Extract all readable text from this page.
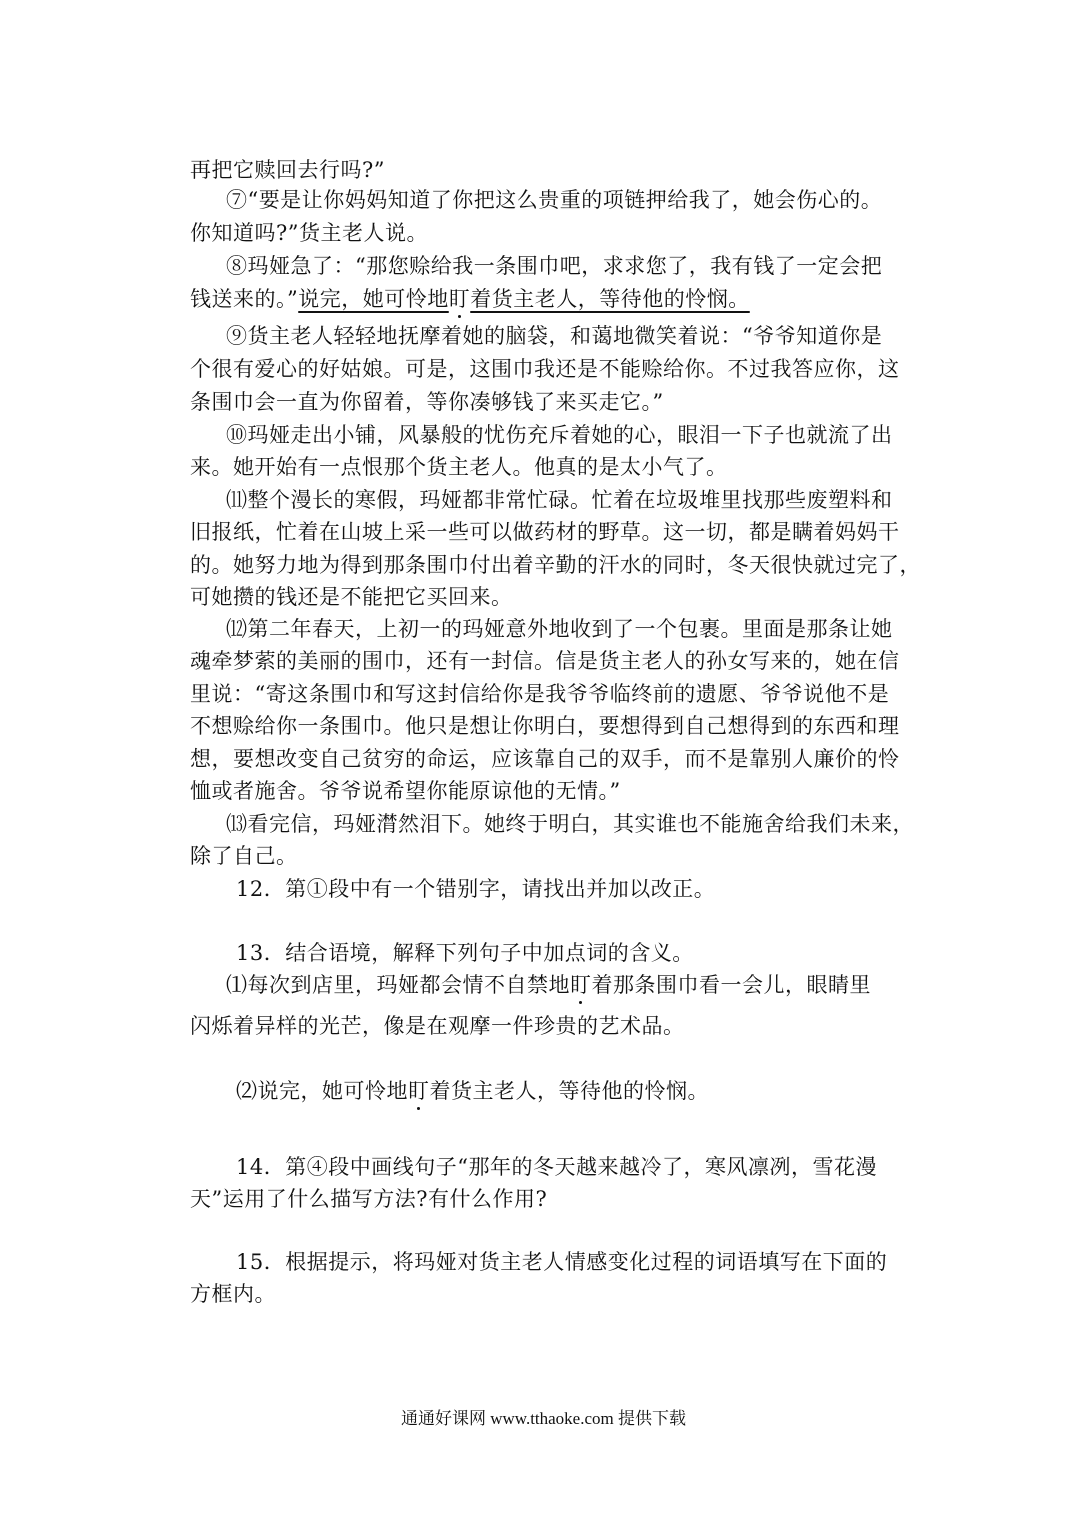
再把它赎回去行吗?”
⑦“要是让你妈妈知道了你把这么贵重的项链押给我了，她会伤心的。
你知道吗?”货主老人说。
⑧玛娅急了：“那您赊给我一条围巾吧，求求您了，我有钱了一定会把
钱送来的。”说完，她可怜地盯着货主老人，等待他的怜悯。
⑨货主老人轻轻地抚摩着她的脑袋，和蔼地微笑着说：“爷爷知道你是
个很有爱心的好姑娘。可是，这围巾我还是不能赊给你。不过我答应你，这
条围巾会一直为你留着，等你凑够钱了来买走它。”
⑩玛娅走出小铺，风暴般的忧伤充斥着她的心，眼泪一下子也就流了出
来。她开始有一点恨那个货主老人。他真的是太小气了。
⑾整个漫长的寒假，玛娅都非常忙碌。忙着在垃圾堆里找那些废塑料和
旧报纸，忙着在山坡上采一些可以做药材的野草。这一切，都是瞒着妈妈干
的。她努力地为得到那条围巾付出着辛勤的汗水的同时，冬天很快就过完了，
可她攒的钱还是不能把它买回来。
⑿第二年春天，上初一的玛娅意外地收到了一个包裹。里面是那条让她
魂牵梦萦的美丽的围巾，还有一封信。信是货主老人的孙女写来的，她在信
里说：“寄这条围巾和写这封信给你是我爷爷临终前的遗愿、爷爷说他不是
不想赊给你一条围巾。他只是想让你明白，要想得到自己想得到的东西和理
想，要想改变自己贫穷的命运，应该靠自己的双手，而不是靠别人廉价的怜
恤或者施舍。爷爷说希望你能原谅他的无情。”
⒀看完信，玛娅潸然泪下。她终于明白，其实谁也不能施舍给我们未来，
除了自己。
12．第①段中有一个错别字，请找出并加以改正。
13．结合语境，解释下列句子中加点词的含义。
⑴每次到店里，玛娅都会情不自禁地盯着那条围巾看一会儿，眼睛里
闪烁着异样的光芒，像是在观摩一件珍贵的艺术品。
⑵说完，她可怜地盯着货主老人，等待他的怜悯。
14．第④段中画线句子“那年的冬天越来越冷了，寒风凛冽，雪花漫
天”运用了什么描写方法?有什么作用?
15．根据提示，将玛娅对货主老人情感变化过程的词语填写在下面的
方框内。
通通好课网 www.tthaoke.com 提供下载
